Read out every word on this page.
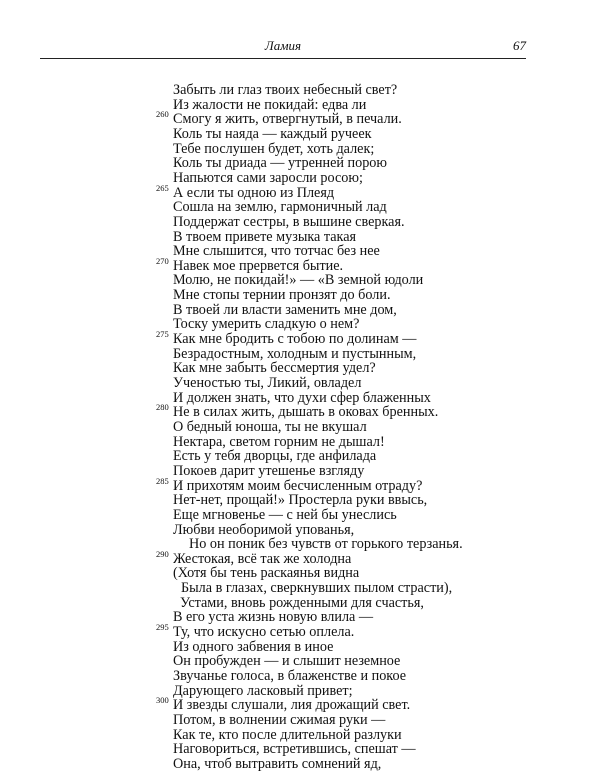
Ламия	67
Забыть ли глаз твоих небесный свет?
Из жалости не покидай: едва ли
Смогу я жить, отвергнутый, в печали.
Коль ты наяда — каждый ручеек
Тебе послушен будет, хоть далек;
Коль ты дриада — утренней порою
Напьются сами заросли росою;
А если ты одною из Плеяд
Сошла на землю, гармоничный лад
Поддержат сестры, в вышине сверкая.
В твоем привете музыка такая
Мне слышится, что тотчас без нее
Навек мое прервется бытие.
Молю, не покидай!» — «В земной юдоли
Мне стопы тернии пронзят до боли.
В твоей ли власти заменить мне дом,
Тоску умерить сладкую о нем?
Как мне бродить с тобою по долинам —
Безрадостным, холодным и пустынным,
Как мне забыть бессмертия удел?
Ученостью ты, Ликий, овладел
И должен знать, что духи сфер блаженных
Не в силах жить, дышать в оковах бренных.
О бедный юноша, ты не вкушал
Нектара, светом горним не дышал!
Есть у тебя дворцы, где анфилада
Покоев дарит утешенье взгляду
И прихотям моим бесчисленным отраду?
Нет-нет, прощай!» Простерла руки ввысь,
Еще мгновенье — с ней бы унеслись
Любви необоримой упованья,
Но он поник без чувств от горького терзанья.
Жестокая, всё так же холодна
(Хотя бы тень раскаянья видна
Была в глазах, сверкнувших пылом страсти),
Устами, вновь рожденными для счастья,
В его уста жизнь новую влила —
Ту, что искусно сетью оплела.
Из одного забвения в иное
Он пробужден — и слышит неземное
Звучанье голоса, в блаженстве и покое
Дарующего ласковый привет;
И звезды слушали, лия дрожащий свет.
Потом, в волнении сжимая руки —
Как те, кто после длительной разлуки
Наговориться, встретившись, спешат —
Она, чтоб вытравить сомнений яд,
260
265
270
275
280
285
290
295
300
